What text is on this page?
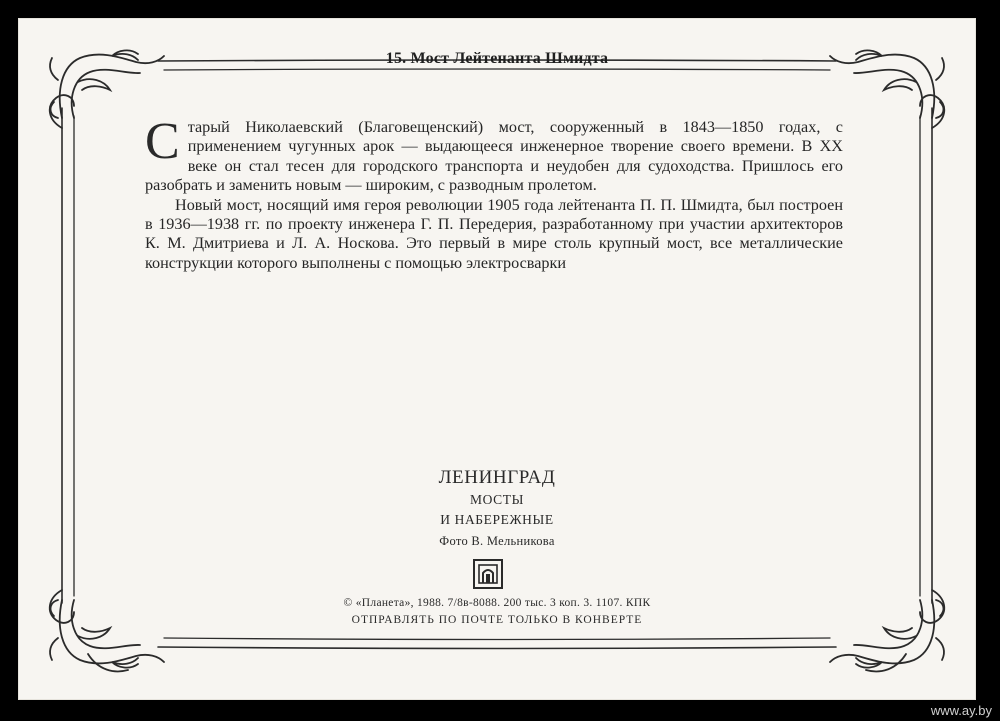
15. Мост Лейтенанта Шмидта

Старый Николаевский (Благовещенский) мост, сооруженный в 1843—1850 годах, с применением чугунных арок — выдающееся инженерное творение своего времени. В XX веке он стал тесен для городского транспорта и неудобен для судоходства. Пришлось его разобрать и заменить новым — широким, с разводным пролетом.

Новый мост, носящий имя героя революции 1905 года лейтенанта П. П. Шмидта, был построен в 1936—1938 гг. по проекту инженера Г. П. Передерия, разработанному при участии архитекторов К. М. Дмитриева и Л. А. Носкова. Это первый в мире столь крупный мост, все металлические конструкции которого выполнены с помощью электросварки

ЛЕНИНГРАД
МОСТЫ
И НАБЕРЕЖНЫЕ
Фото В. Мельникова
© «Планета», 1988. 7/8в-8088. 200 тыс. 3 коп. 3. 1107. КПК
ОТПРАВЛЯТЬ ПО ПОЧТЕ ТОЛЬКО В КОНВЕРТЕ
www.ay.by
